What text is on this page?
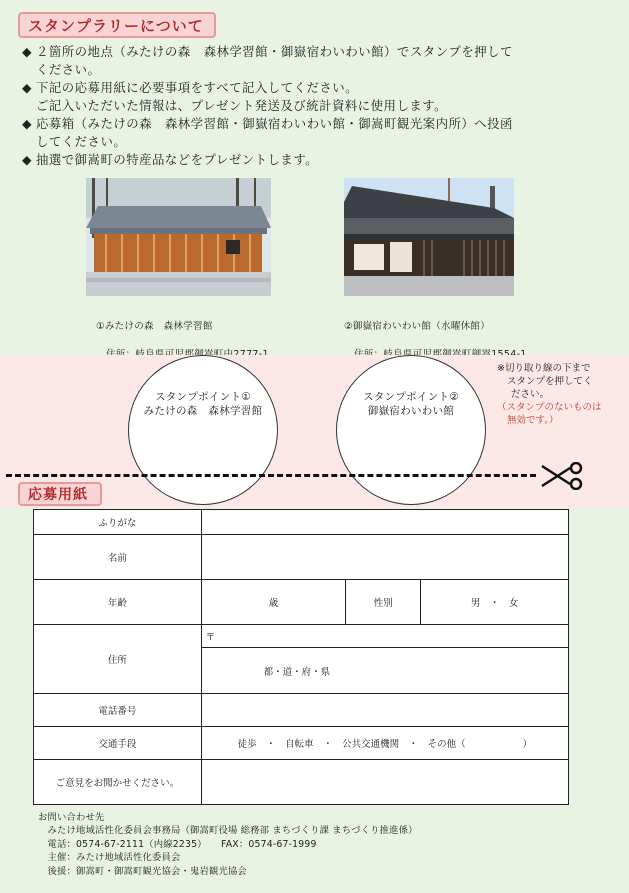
スタンプラリーについて
◆ ２箇所の地点（みたけの森　森林学習館・御嶽宿わいわい館）でスタンプを押して
ください。
◆ 下記の応募用紙に必要事項をすべて記入してください。
ご記入いただいた情報は、プレゼント発送及び統計資料に使用します。
◆ 応募箱（みたけの森　森林学習館・御嶽宿わいわい館・御嵩町観光案内所）へ投函
してください。
◆ 抽選で御嵩町の特産品などをプレゼントします。

①みたけの森　森林学習館	②御嶽宿わいわい館（水曜休館）

スタンプポイント①
みたけの森　森林学習館
スタンプポイント②
御嶽宿わいわい館
※切り取り線の下まで
スタンプを押してく
ださい。
（スタンプのないものは
無効です。）
応募用紙
ふりがな			
名前			
年齢	歳	性別	男　・　女
住所	〒		
	都・道・府・県		
電話番号			
交通手段	徒歩　・　自転車　・　公共交通機関　・　その他（　　　　　　）		
ご意見をお聞かせください。			
お問い合わせ先
　みたけ地域活性化委員会事務局（御嵩町役場 総務部 まちづくり課 まちづくり推進係）
　電話：0574-67-2111（内線2235）　　FAX：0574-67-1999
　主催：みたけ地域活性化委員会
　後援：御嵩町・御嵩町観光協会・鬼岩観光協会
